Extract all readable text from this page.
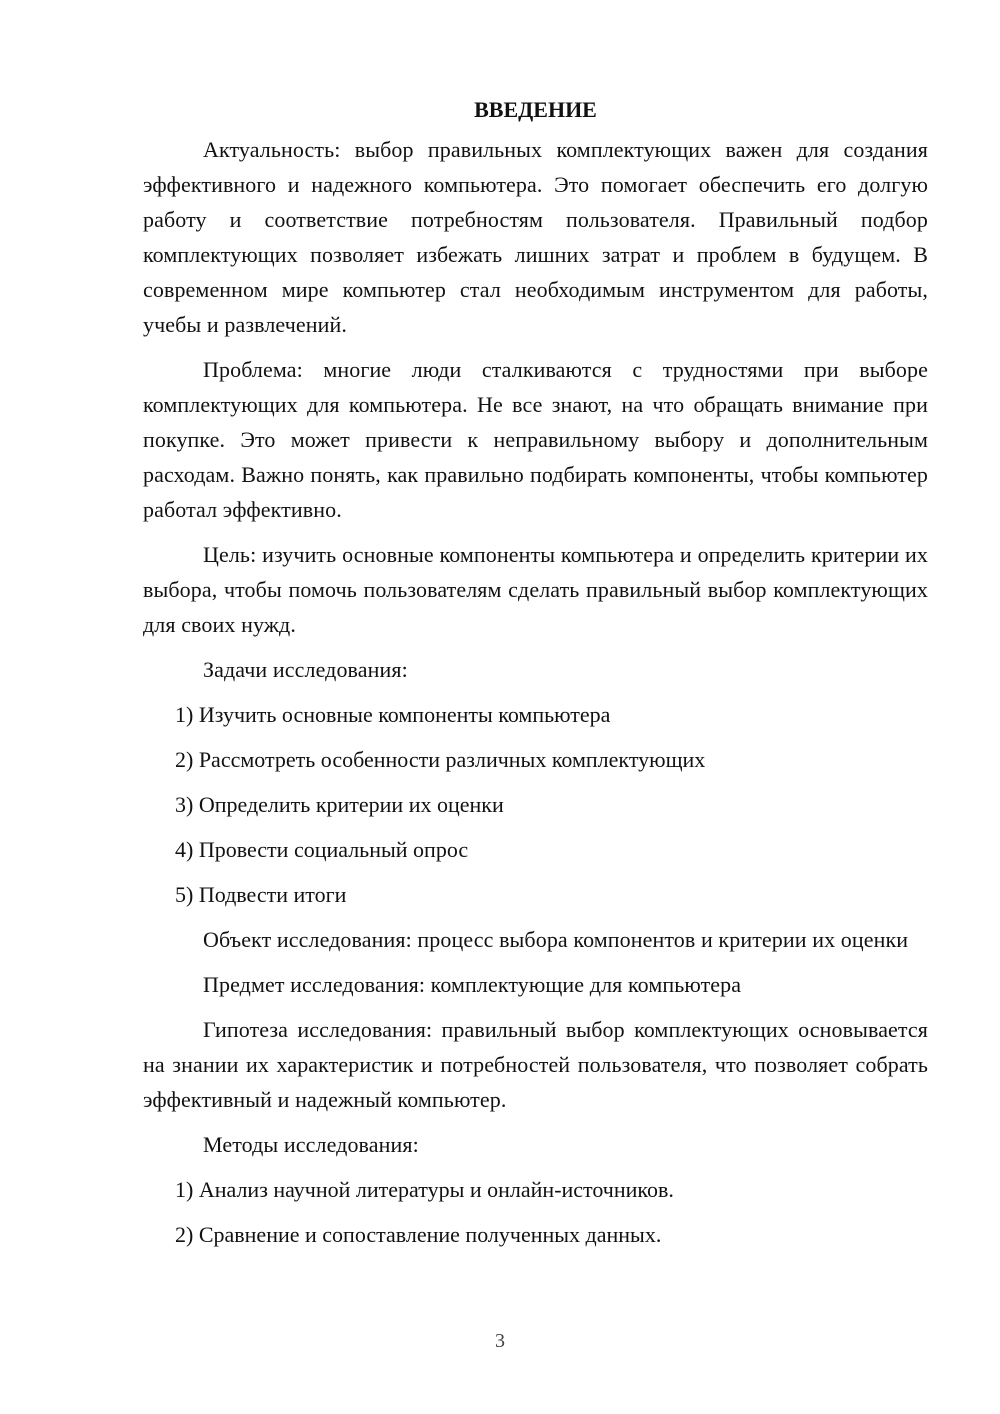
ВВЕДЕНИЕ

Актуальность: выбор правильных комплектующих важен для создания эффективного и надежного компьютера. Это помогает обеспечить его долгую работу и соответствие потребностям пользователя. Правильный подбор комплектующих позволяет избежать лишних затрат и проблем в будущем. В современном мире компьютер стал необходимым инструментом для работы, учебы и развлечений.

Проблема: многие люди сталкиваются с трудностями при выборе комплектующих для компьютера. Не все знают, на что обращать внимание при покупке. Это может привести к неправильному выбору и дополнительным расходам. Важно понять, как правильно подбирать компоненты, чтобы компьютер работал эффективно.

Цель: изучить основные компоненты компьютера и определить критерии их выбора, чтобы помочь пользователям сделать правильный выбор комплектующих для своих нужд.

Задачи исследования:

1) Изучить основные компоненты компьютера
2) Рассмотреть особенности различных комплектующих
3) Определить критерии их оценки
4) Провести социальный опрос
5) Подвести итоги

Объект исследования: процесс выбора компонентов и критерии их оценки

Предмет исследования: комплектующие для компьютера

Гипотеза исследования: правильный выбор комплектующих основывается на знании их характеристик и потребностей пользователя, что позволяет собрать эффективный и надежный компьютер.

Методы исследования:

1) Анализ научной литературы и онлайн-источников.
2) Сравнение и сопоставление полученных данных.
3
